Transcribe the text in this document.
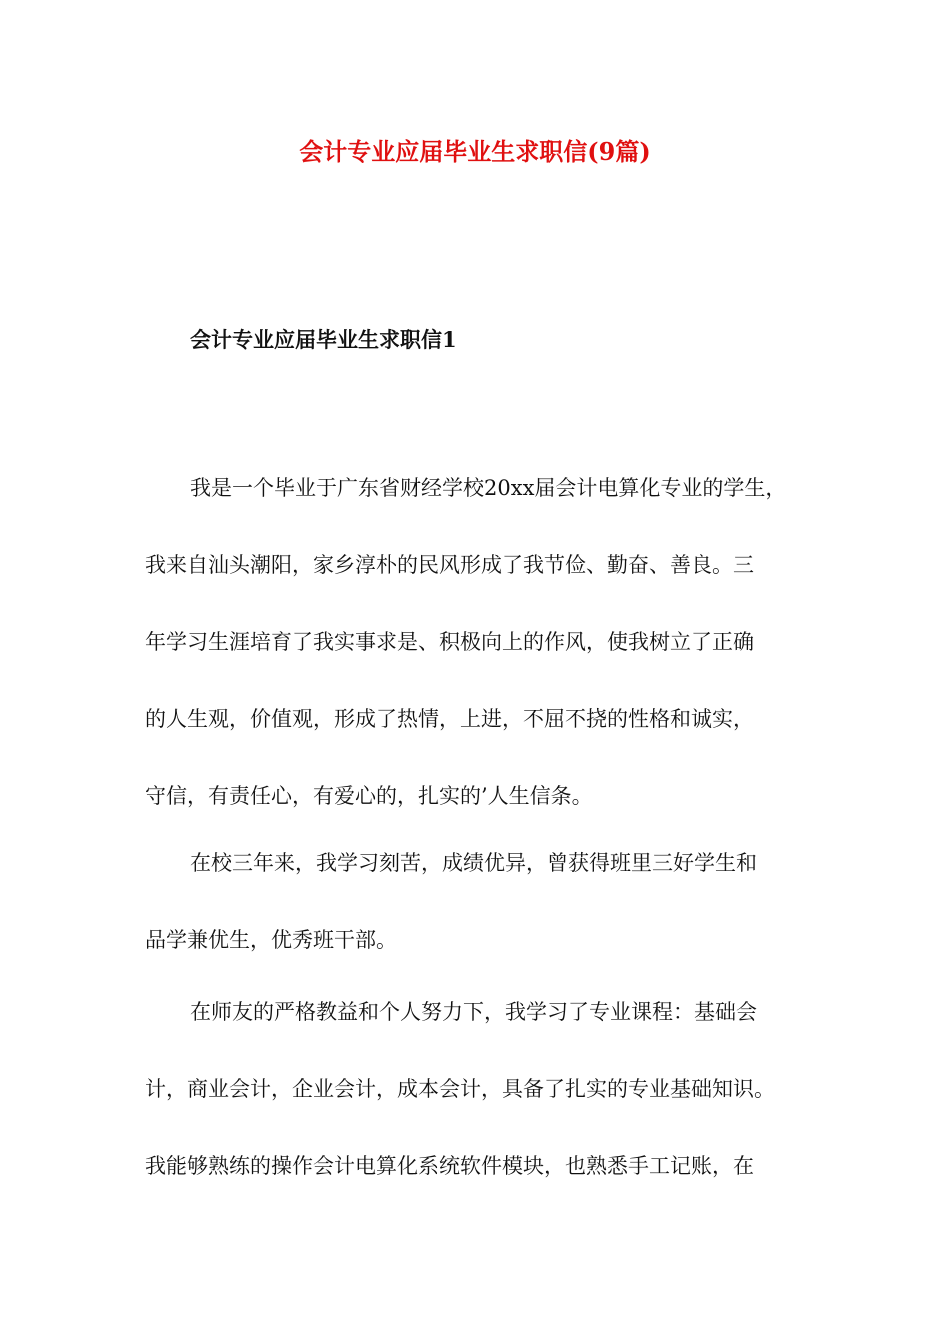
会计专业应届毕业生求职信(9篇)
会计专业应届毕业生求职信1
我是一个毕业于广东省财经学校20xx届会计电算化专业的学生，
我来自汕头潮阳，家乡淳朴的民风形成了我节俭、勤奋、善良。三
年学习生涯培育了我实事求是、积极向上的作风，使我树立了正确
的人生观，价值观，形成了热情，上进，不屈不挠的性格和诚实，
守信，有责任心，有爱心的，扎实的’人生信条。
在校三年来，我学习刻苦，成绩优异，曾获得班里三好学生和
品学兼优生，优秀班干部。
在师友的严格教益和个人努力下，我学习了专业课程：基础会
计，商业会计，企业会计，成本会计，具备了扎实的专业基础知识。
我能够熟练的操作会计电算化系统软件模块，也熟悉手工记账，在
